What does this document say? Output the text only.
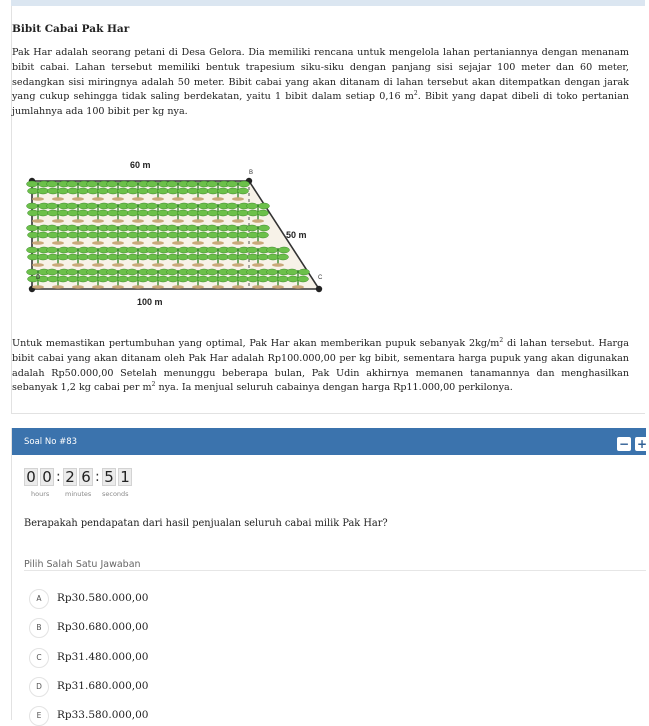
Bibit Cabai Pak Har

Pak Har adalah seorang petani di Desa Gelora. Dia memiliki rencana untuk mengelola lahan pertaniannya dengan menanam bibit cabai. Lahan tersebut memiliki bentuk trapesium siku-siku dengan panjang sisi sejajar 100 meter dan 60 meter, sedangkan sisi miringnya adalah 50 meter. Bibit cabai yang akan ditanam di lahan tersebut akan ditempatkan dengan jarak yang cukup sehingga tidak saling berdekatan, yaitu 1 bibit dalam setiap 0,16 $m^2$. Bibit yang dapat dibeli di toko pertanian jumlahnya ada 100 bibit per kg nya.

60 m
50 m
100 m
B
C
D

Untuk memastikan pertumbuhan yang optimal, Pak Har akan memberikan pupuk sebanyak $2kg/m^2$ di lahan tersebut. Harga bibit cabai yang akan ditanam oleh Pak Har adalah Rp100.000,00 per kg bibit, sementara harga pupuk yang akan digunakan adalah Rp50.000,00 Setelah menunggu beberapa bulan, Pak Udin akhirnya memanen tanamannya dan menghasilkan sebanyak 1,2 kg cabai per $m^2$ nya. Ia menjual seluruh cabainya dengan harga Rp11.000,00 perkilonya.

Soal No #83	− +
0 0 : 2 6 : 5 1
hours minutes seconds
Berapakah pendapatan dari hasil penjualan seluruh cabai milik Pak Har?
Pilih Salah Satu Jawaban
A	Rp30.580.000,00
B	Rp30.680.000,00
C	Rp31.480.000,00
D	Rp31.680.000,00
E	Rp33.580.000,00
